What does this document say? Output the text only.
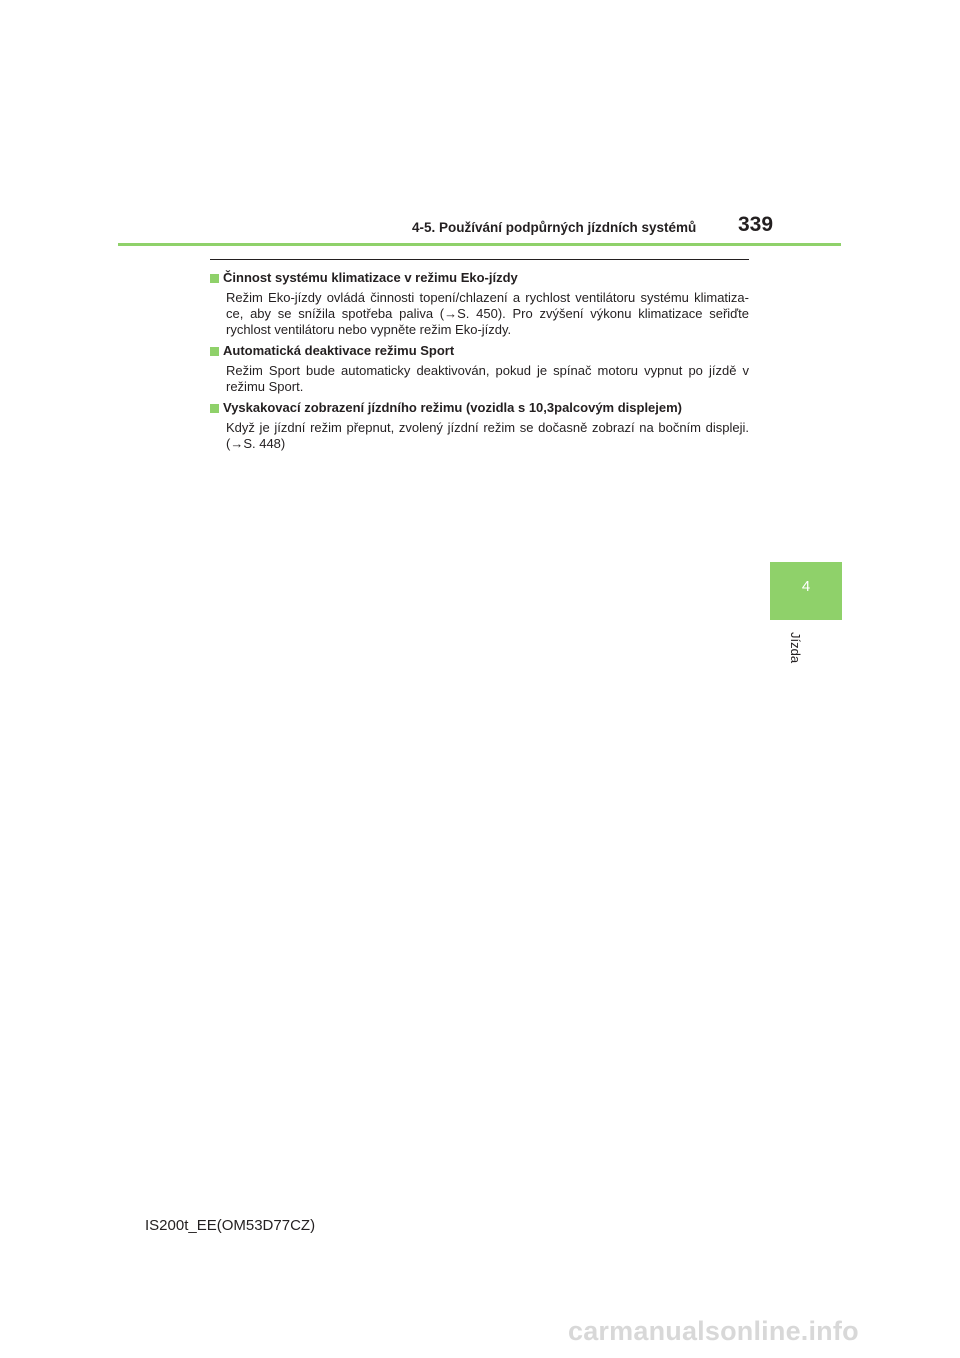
4-5. Používání podpůrných jízdních systémů 339
Činnost systému klimatizace v režimu Eko-jízdy
Režim Eko-jízdy ovládá činnosti topení/chlazení a rychlost ventilátoru systému klimatiza-ce, aby se snížila spotřeba paliva (→S. 450). Pro zvýšení výkonu klimatizace seřiďte rychlost ventilátoru nebo vypněte režim Eko-jízdy.
Automatická deaktivace režimu Sport
Režim Sport bude automaticky deaktivován, pokud je spínač motoru vypnut po jízdě v režimu Sport.
Vyskakovací zobrazení jízdního režimu (vozidla s 10,3palcovým displejem)
Když je jízdní režim přepnut, zvolený jízdní režim se dočasně zobrazí na bočním displeji. (→S. 448)
4
Jízda
IS200t_EE(OM53D77CZ)
carmanualsonline.info
